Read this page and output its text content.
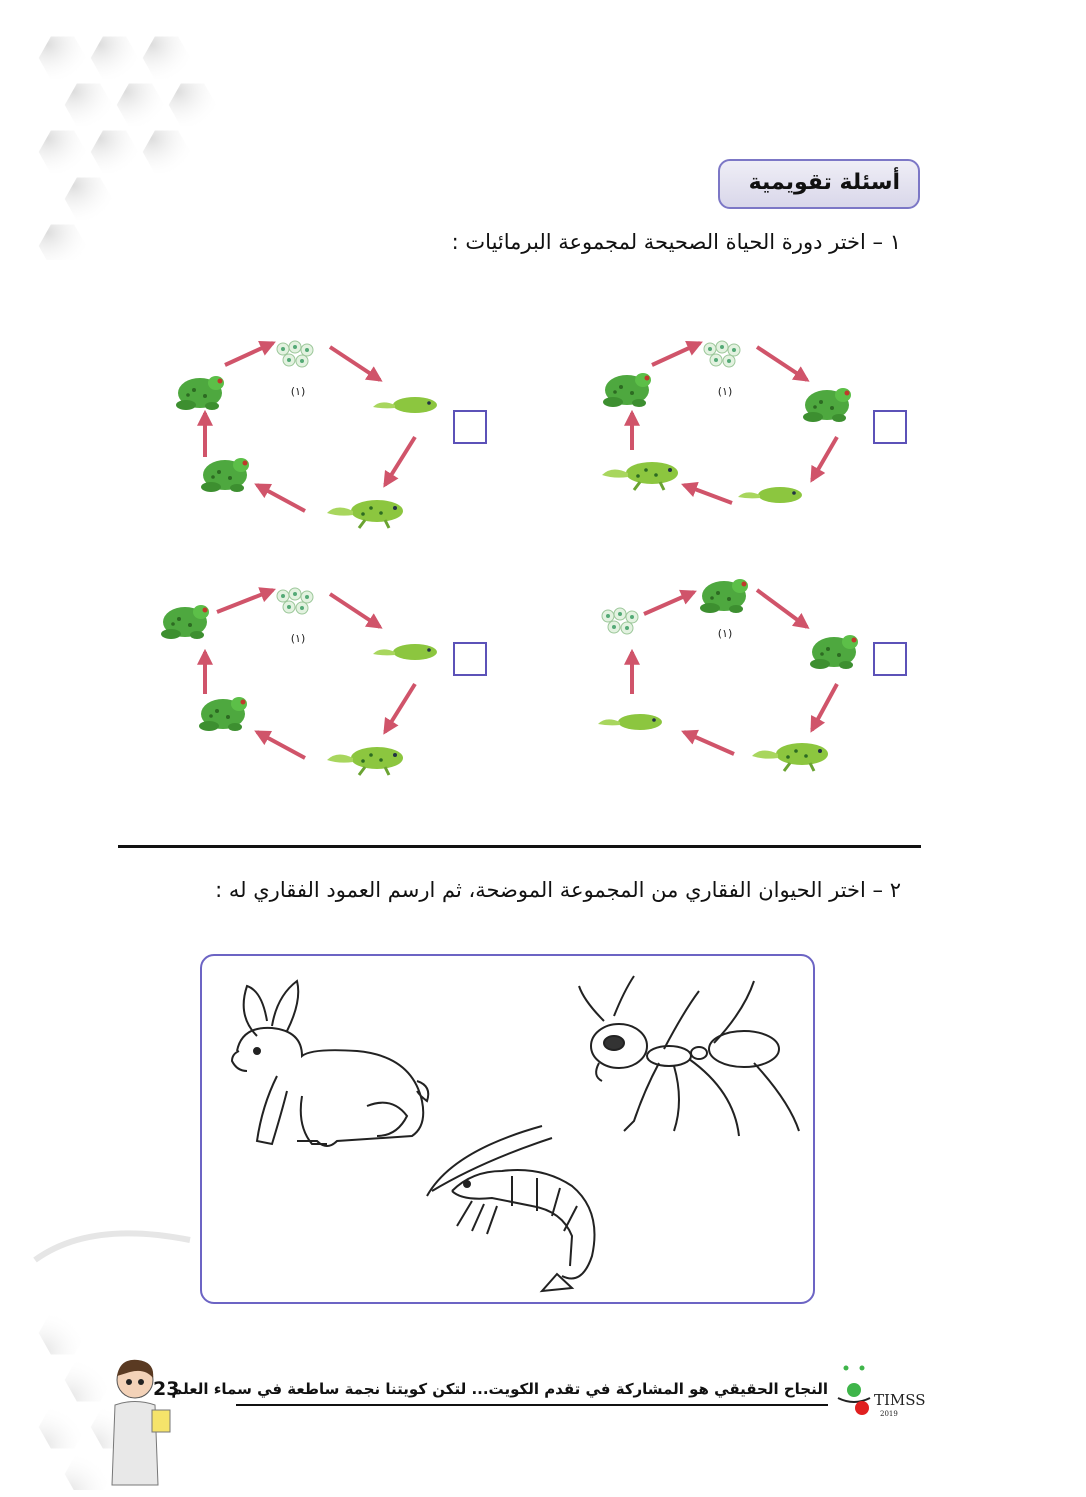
أسئلة تقويمية
١ – اختر دورة الحياة الصحيحة لمجموعة البرمائيات :
(١)	(١)
(١)	(١)
٢ – اختر الحيوان الفقاري من المجموعة الموضحة، ثم ارسم العمود الفقاري له :
23
النجاح الحقيقي هو المشاركة في تقدم الكويت... لتكن كويتنا نجمة ساطعة في سماء العلم
TIMSS
2019
